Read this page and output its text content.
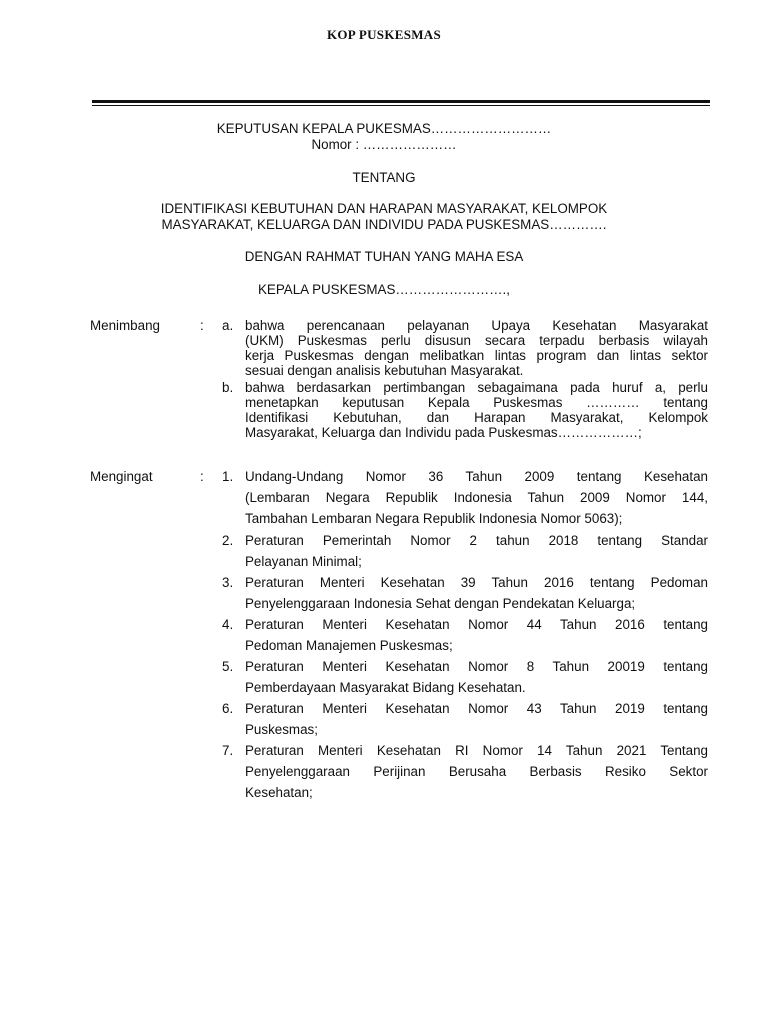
KOP PUSKESMAS
KEPUTUSAN KEPALA PUKESMAS………………………
Nomor : …………………
TENTANG
IDENTIFIKASI KEBUTUHAN DAN HARAPAN MASYARAKAT, KELOMPOK
MASYARAKAT, KELUARGA DAN INDIVIDU PADA PUSKESMAS………….
DENGAN RAHMAT TUHAN YANG MAHA ESA
KEPALA PUSKESMAS…………………….,
Menimbang	: a. bahwa perencanaan pelayanan Upaya Kesehatan Masyarakat
(UKM) Puskesmas perlu disusun secara terpadu berbasis wilayah
kerja Puskesmas dengan melibatkan lintas program dan lintas sektor
sesuai dengan analisis kebutuhan Masyarakat.
b. bahwa berdasarkan pertimbangan sebagaimana pada huruf a, perlu
menetapkan keputusan Kepala Puskesmas ………… tentang
Identifikasi Kebutuhan, dan Harapan Masyarakat, Kelompok
Masyarakat, Keluarga dan Individu pada Puskesmas………………;
Mengingat	: 1. Undang-Undang Nomor 36 Tahun 2009 tentang Kesehatan
(Lembaran Negara Republik Indonesia Tahun 2009 Nomor 144,
Tambahan Lembaran Negara Republik Indonesia Nomor 5063);
2. Peraturan Pemerintah Nomor 2 tahun 2018 tentang Standar
Pelayanan Minimal;
3. Peraturan Menteri Kesehatan 39 Tahun 2016 tentang Pedoman
Penyelenggaraan Indonesia Sehat dengan Pendekatan Keluarga;
4. Peraturan Menteri Kesehatan Nomor 44 Tahun 2016 tentang
Pedoman Manajemen Puskesmas;
5. Peraturan Menteri Kesehatan Nomor 8 Tahun 20019 tentang
Pemberdayaan Masyarakat Bidang Kesehatan.
6. Peraturan Menteri Kesehatan Nomor 43 Tahun 2019 tentang
Puskesmas;
7. Peraturan Menteri Kesehatan RI Nomor 14 Tahun 2021 Tentang
Penyelenggaraan Perijinan Berusaha Berbasis Resiko Sektor
Kesehatan;
